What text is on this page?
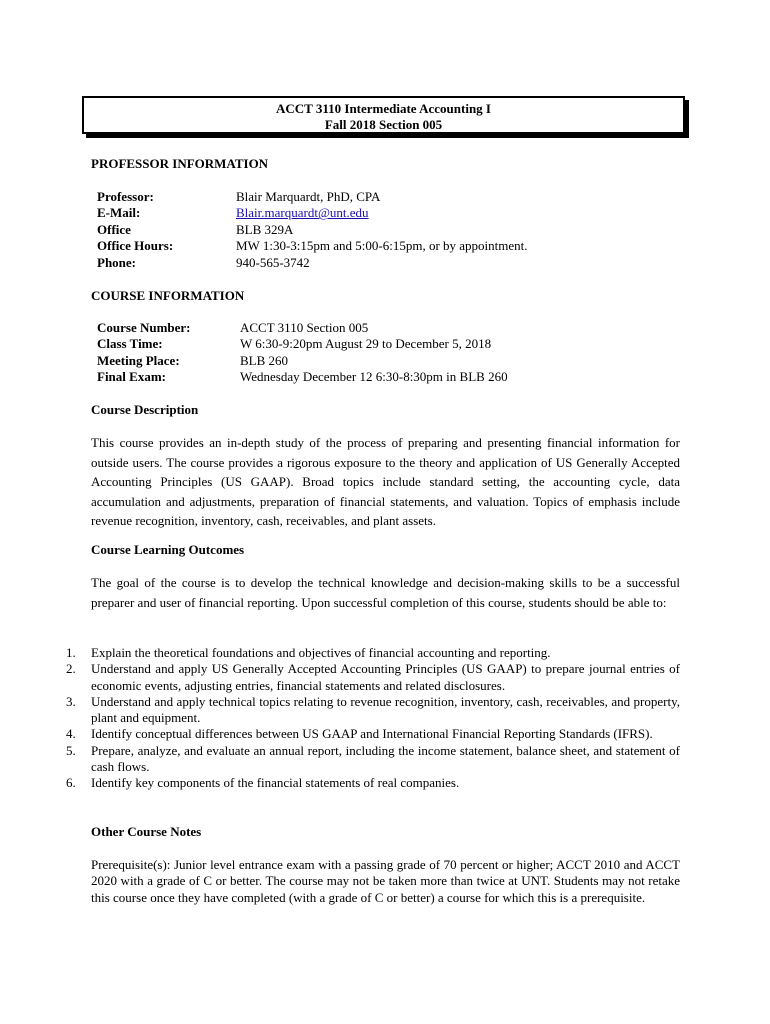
ACCT 3110 Intermediate Accounting I
Fall 2018 Section 005
PROFESSOR INFORMATION
Professor:	Blair Marquardt, PhD, CPA
E-Mail:	Blair.marquardt@unt.edu
Office	BLB 329A
Office Hours:	MW 1:30-3:15pm and 5:00-6:15pm, or by appointment.
Phone:	940-565-3742
COURSE INFORMATION
Course Number:	ACCT 3110 Section 005
Class Time:	W 6:30-9:20pm August 29 to December 5, 2018
Meeting Place:	BLB 260
Final Exam:	Wednesday December 12 6:30-8:30pm in BLB 260
Course Description
This course provides an in-depth study of the process of preparing and presenting financial information for outside users. The course provides a rigorous exposure to the theory and application of US Generally Accepted Accounting Principles (US GAAP). Broad topics include standard setting, the accounting cycle, data accumulation and adjustments, preparation of financial statements, and valuation. Topics of emphasis include revenue recognition, inventory, cash, receivables, and plant assets.
Course Learning Outcomes
The goal of the course is to develop the technical knowledge and decision-making skills to be a successful preparer and user of financial reporting. Upon successful completion of this course, students should be able to:
1. Explain the theoretical foundations and objectives of financial accounting and reporting.
2. Understand and apply US Generally Accepted Accounting Principles (US GAAP) to prepare journal entries of economic events, adjusting entries, financial statements and related disclosures.
3. Understand and apply technical topics relating to revenue recognition, inventory, cash, receivables, and property, plant and equipment.
4. Identify conceptual differences between US GAAP and International Financial Reporting Standards (IFRS).
5. Prepare, analyze, and evaluate an annual report, including the income statement, balance sheet, and statement of cash flows.
6. Identify key components of the financial statements of real companies.
Other Course Notes
Prerequisite(s): Junior level entrance exam with a passing grade of 70 percent or higher; ACCT 2010 and ACCT 2020 with a grade of C or better. The course may not be taken more than twice at UNT. Students may not retake this course once they have completed (with a grade of C or better) a course for which this is a prerequisite.
